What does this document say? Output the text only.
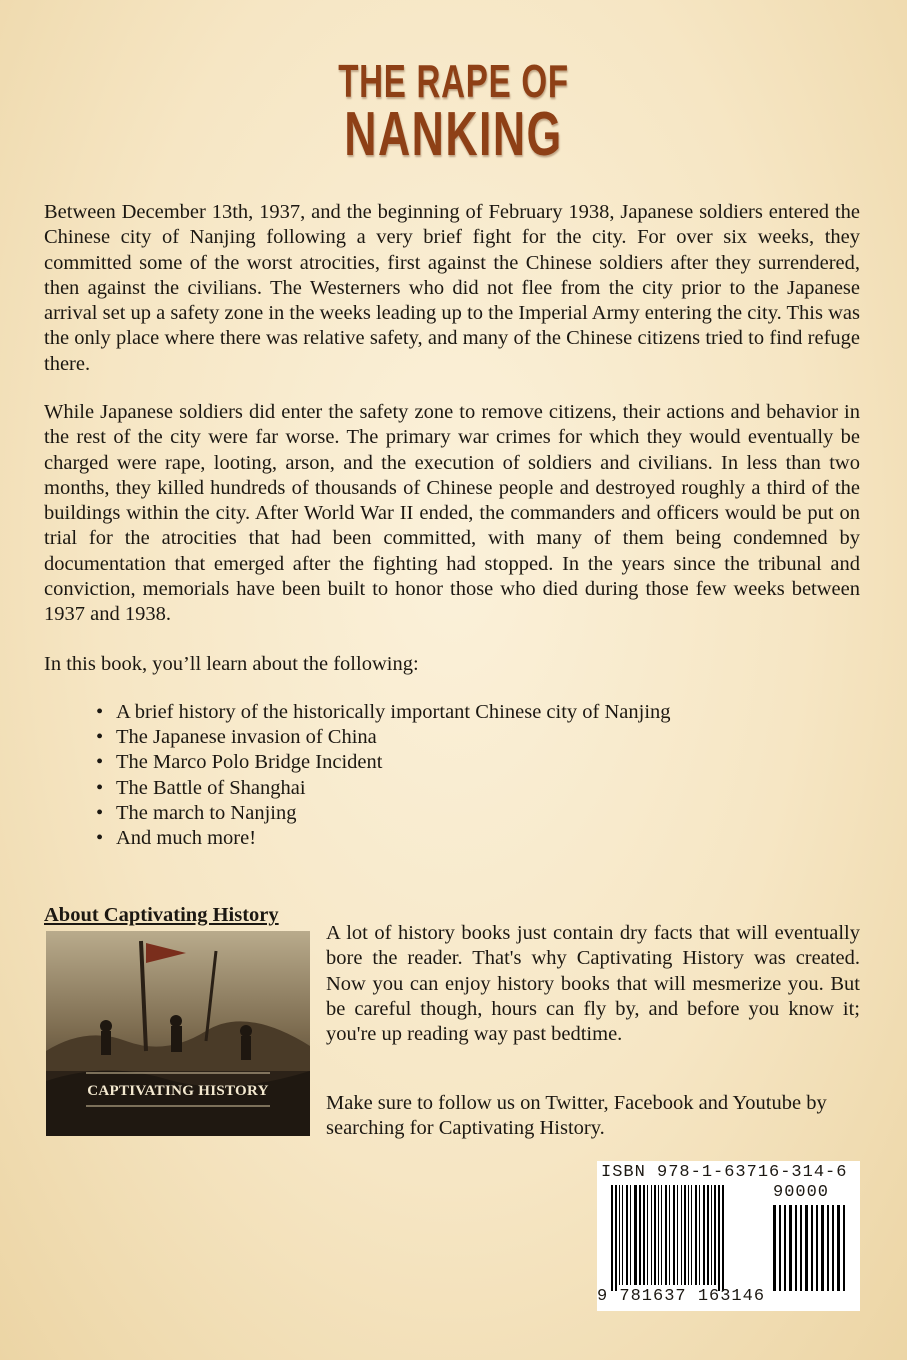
THE RAPE OF
NANKING

Between December 13th, 1937, and the beginning of February 1938, Japanese soldiers entered the Chinese city of Nanjing following a very brief fight for the city. For over six weeks, they committed some of the worst atrocities, first against the Chinese soldiers after they surrendered, then against the civilians. The Westerners who did not flee from the city prior to the Japanese arrival set up a safety zone in the weeks leading up to the Imperial Army entering the city. This was the only place where there was relative safety, and many of the Chinese citizens tried to find refuge there.

While Japanese soldiers did enter the safety zone to remove citizens, their actions and behavior in the rest of the city were far worse. The primary war crimes for which they would eventually be charged were rape, looting, arson, and the execution of soldiers and civilians. In less than two months, they killed hundreds of thousands of Chinese people and destroyed roughly a third of the buildings within the city. After World War II ended, the commanders and officers would be put on trial for the atrocities that had been committed, with many of them being condemned by documentation that emerged after the fighting had stopped. In the years since the tribunal and conviction, memorials have been built to honor those who died during those few weeks between 1937 and 1938.

In this book, you’ll learn about the following:

• A brief history of the historically important Chinese city of Nanjing
• The Japanese invasion of China
• The Marco Polo Bridge Incident
• The Battle of Shanghai
• The march to Nanjing
• And much more!

About Captivating History

CAPTIVATING HISTORY

A lot of history books just contain dry facts that will eventually bore the reader. That's why Captivating History was created. Now you can enjoy history books that will mesmerize you. But be careful though, hours can fly by, and before you know it; you're up reading way past bedtime.

Make sure to follow us on Twitter, Facebook and Youtube by searching for Captivating History.

ISBN 978-1-63716-314-6
90000
9 781637 163146
